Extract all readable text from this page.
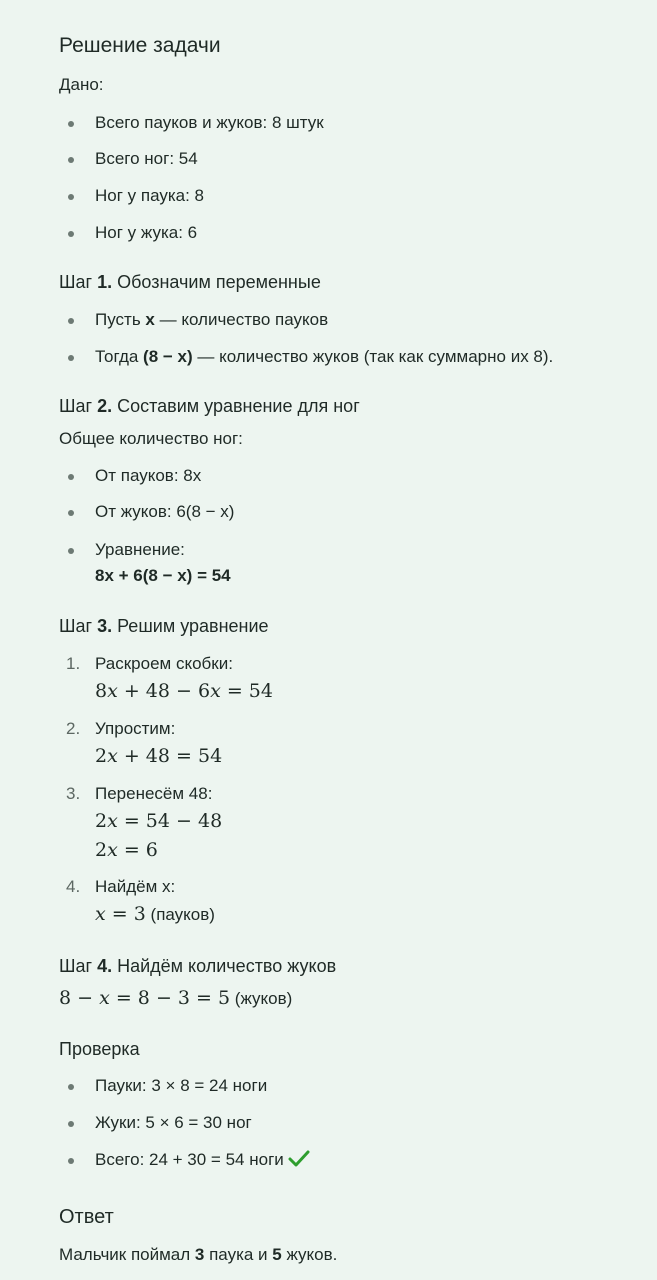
Решение задачи
Дано:
Всего пауков и жуков: 8 штук
Всего ног: 54
Ног у паука: 8
Ног у жука: 6
Шаг 1. Обозначим переменные
Пусть x — количество пауков
Тогда (8 − x) — количество жуков (так как суммарно их 8).
Шаг 2. Составим уравнение для ног
Общее количество ног:
От пауков: 8x
От жуков: 6(8 − x)
Уравнение:
8x + 6(8 − x) = 54
Шаг 3. Решим уравнение
1. Раскроем скобки:
8x + 48 − 6x = 54
2. Упростим:
2x + 48 = 54
3. Перенесём 48:
2x = 54 − 48
2x = 6
4. Найдём x:
x = 3 (пауков)
Шаг 4. Найдём количество жуков
8 − x = 8 − 3 = 5 (жуков)
Проверка
Пауки: 3 × 8 = 24 ноги
Жуки: 5 × 6 = 30 ног
Всего: 24 + 30 = 54 ноги
Ответ
Мальчик поймал 3 паука и 5 жуков.
